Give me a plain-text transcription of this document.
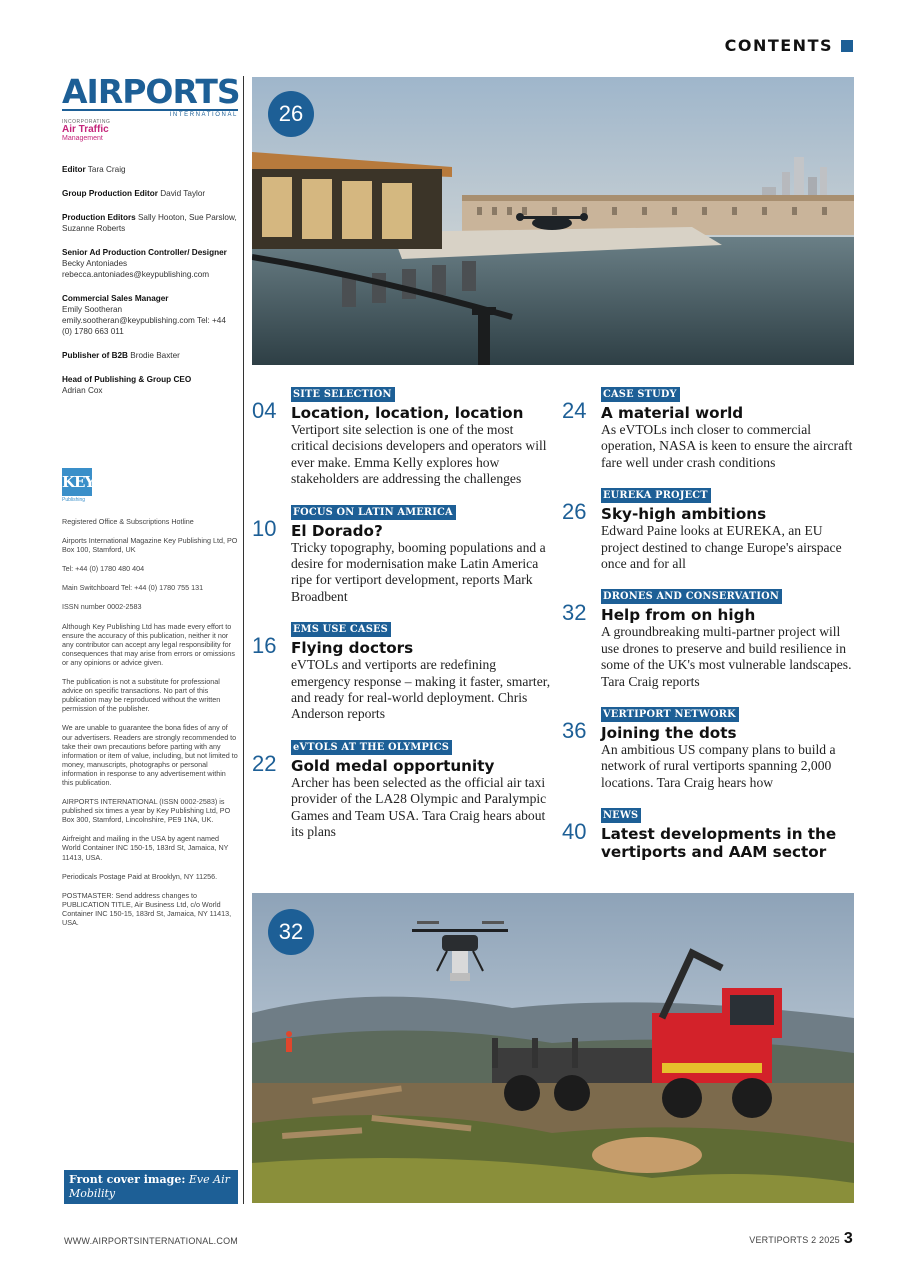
CONTENTS
AIRPORTS
INTERNATIONAL
INCORPORATING
Air Traffic
Management
Editor Tara Craig
Group Production Editor David Taylor
Production Editors Sally Hooton, Sue Parslow, Suzanne Roberts
Senior Ad Production Controller/ Designer Becky Antoniades rebecca.antoniades@keypublishing.com
Commercial Sales Manager
Emily Sootheran emily.sootheran@keypublishing.com Tel: +44 (0) 1780 663 011
Publisher of B2B Brodie Baxter
Head of Publishing & Group CEO
Adrian Cox
KEY
Publishing

Registered Office & Subscriptions Hotline

Airports International Magazine Key Publishing Ltd, PO Box 100, Stamford, UK

Tel: +44 (0) 1780 480 404

Main Switchboard Tel: +44 (0) 1780 755 131

ISSN number 0002-2583

Although Key Publishing Ltd has made every effort to ensure the accuracy of this publication, neither it nor any contributor can accept any legal responsibility for consequences that may arise from errors or omissions or any opinions or advice given.

The publication is not a substitute for professional advice on specific transactions. No part of this publication may be reproduced without the written permission of the publisher.

We are unable to guarantee the bona fides of any of our advertisers. Readers are strongly recommended to take their own precautions before parting with any information or item of value, including, but not limited to money, manuscripts, photographs or personal information in response to any advertisement within this publication.

AIRPORTS INTERNATIONAL (ISSN 0002-2583) is published six times a year by Key Publishing Ltd, PO Box 300, Stamford, Lincolnshire, PE9 1NA, UK.

Airfreight and mailing in the USA by agent named World Container INC 150-15, 183rd St, Jamaica, NY 11413, USA.

Periodicals Postage Paid at Brooklyn, NY 11256.

POSTMASTER: Send address changes to PUBLICATION TITLE, Air Business Ltd, c/o World Container INC 150-15, 183rd St, Jamaica, NY 11413, USA.

Front cover image: Eve Air Mobility
26
SITE SELECTION
04 Location, location, location
Vertiport site selection is one of the most critical decisions developers and operators will ever make. Emma Kelly explores how stakeholders are addressing the challenges
FOCUS ON LATIN AMERICA
10 El Dorado?
Tricky topography, booming populations and a desire for modernisation make Latin America ripe for vertiport development, reports Mark Broadbent
EMS USE CASES
16 Flying doctors
eVTOLs and vertiports are redefining emergency response – making it faster, smarter, and ready for real-world deployment. Chris Anderson reports
eVTOLS AT THE OLYMPICS
22 Gold medal opportunity
Archer has been selected as the official air taxi provider of the LA28 Olympic and Paralympic Games and Team USA. Tara Craig hears about its plans
CASE STUDY
24 A material world
As eVTOLs inch closer to commercial operation, NASA is keen to ensure the aircraft fare well under crash conditions
EUREKA PROJECT
26 Sky-high ambitions
Edward Paine looks at EUREKA, an EU project destined to change Europe's airspace once and for all
DRONES AND CONSERVATION
32 Help from on high
A groundbreaking multi-partner project will use drones to preserve and build resilience in some of the UK's most vulnerable landscapes. Tara Craig reports
VERTIPORT NETWORK
36 Joining the dots
An ambitious US company plans to build a network of rural vertiports spanning 2,000 locations. Tara Craig hears how
NEWS
40 Latest developments in the vertiports and AAM sector
32
WWW.AIRPORTSINTERNATIONAL.COM	VERTIPORTS 2 2025 3
